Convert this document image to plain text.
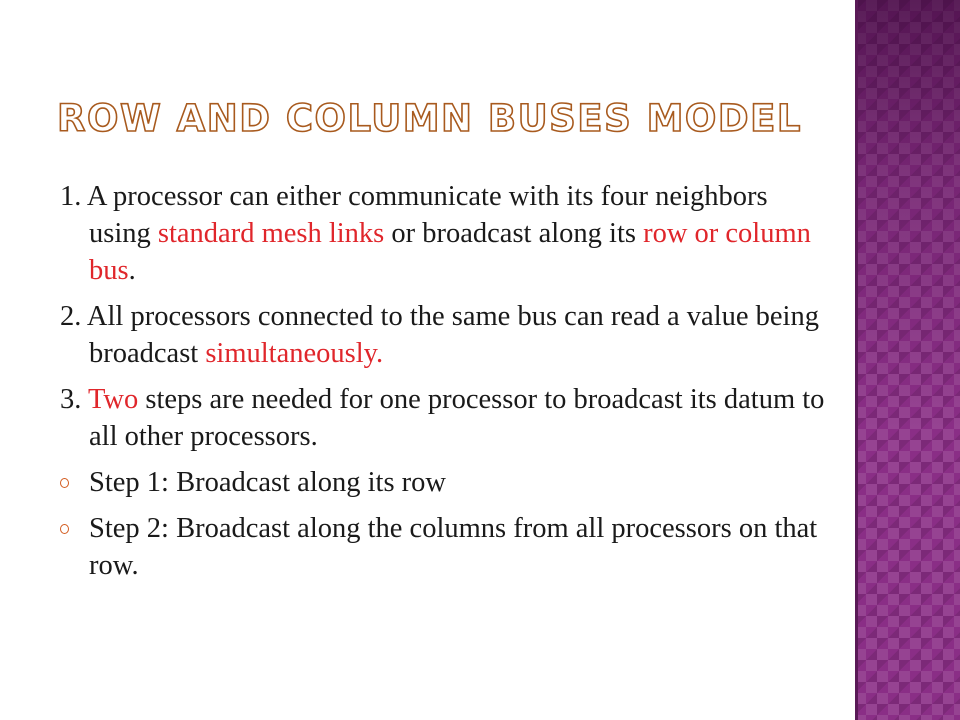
ROW AND COLUMN BUSES MODEL

1. A processor can either communicate with its four neighbors using standard mesh links or broadcast along its row or column bus.

2. All processors connected to the same bus can read a value being broadcast simultaneously.

3. Two steps are needed for one processor to broadcast its datum to all other processors.

Step 1: Broadcast along its row
Step 2: Broadcast along the columns from all processors on that row.
